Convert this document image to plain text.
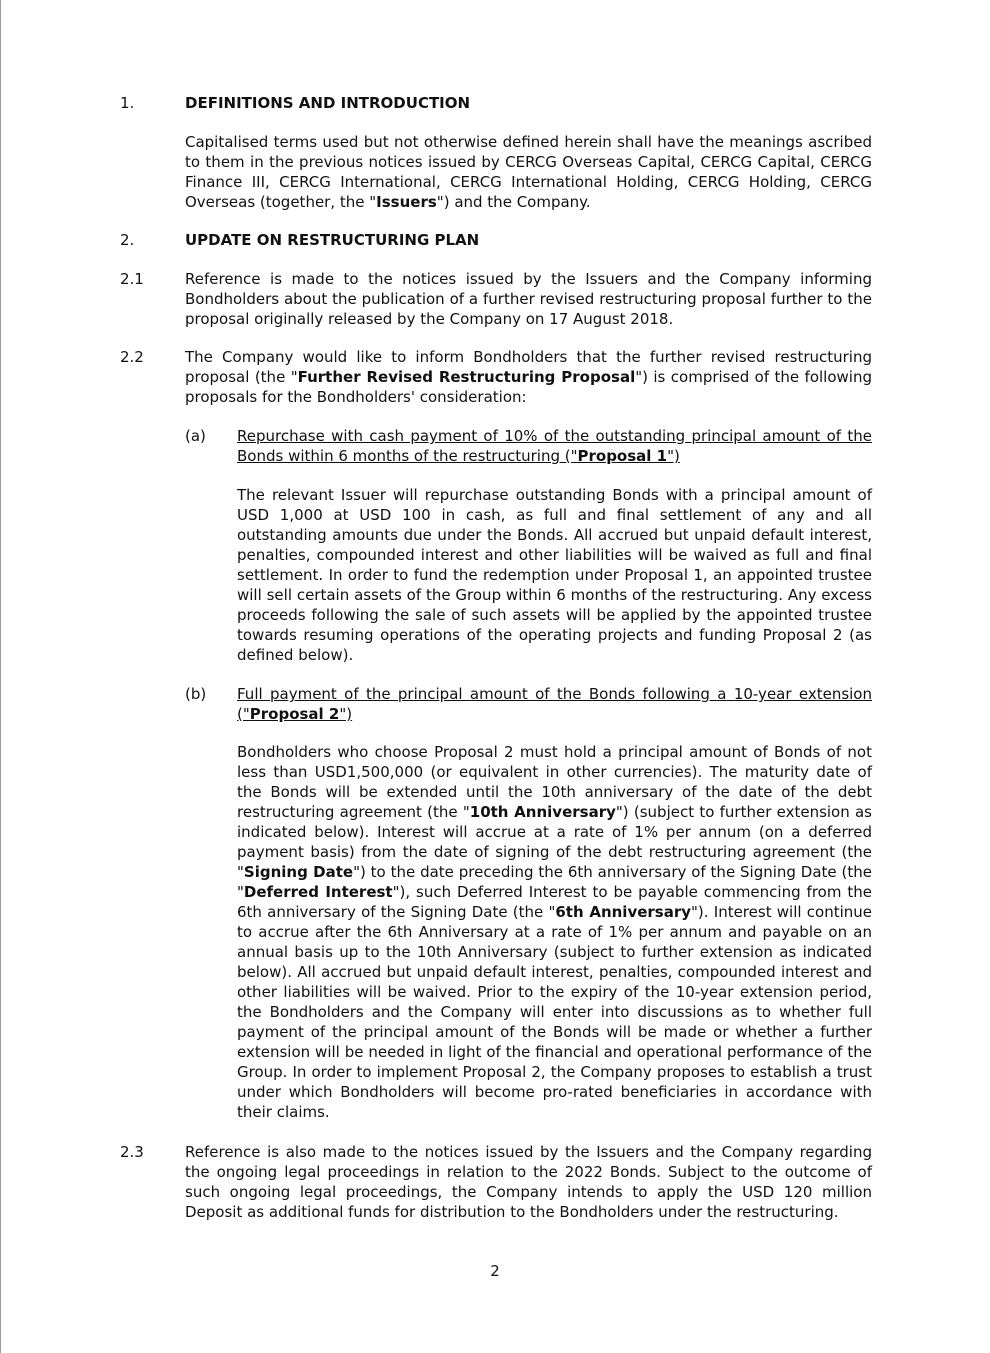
1.	DEFINITIONS AND INTRODUCTION
Capitalised terms used but not otherwise defined herein shall have the meanings ascribed to them in the previous notices issued by CERCG Overseas Capital, CERCG Capital, CERCG Finance III, CERCG International, CERCG International Holding, CERCG Holding, CERCG Overseas (together, the "Issuers") and the Company.
2.	UPDATE ON RESTRUCTURING PLAN
2.1	Reference is made to the notices issued by the Issuers and the Company informing Bondholders about the publication of a further revised restructuring proposal further to the proposal originally released by the Company on 17 August 2018.
2.2	The Company would like to inform Bondholders that the further revised restructuring proposal (the "Further Revised Restructuring Proposal") is comprised of the following proposals for the Bondholders' consideration:
(a) Repurchase with cash payment of 10% of the outstanding principal amount of the Bonds within 6 months of the restructuring ("Proposal 1")
The relevant Issuer will repurchase outstanding Bonds with a principal amount of USD 1,000 at USD 100 in cash, as full and final settlement of any and all outstanding amounts due under the Bonds. All accrued but unpaid default interest, penalties, compounded interest and other liabilities will be waived as full and final settlement. In order to fund the redemption under Proposal 1, an appointed trustee will sell certain assets of the Group within 6 months of the restructuring. Any excess proceeds following the sale of such assets will be applied by the appointed trustee towards resuming operations of the operating projects and funding Proposal 2 (as defined below).
(b) Full payment of the principal amount of the Bonds following a 10-year extension ("Proposal 2")
Bondholders who choose Proposal 2 must hold a principal amount of Bonds of not less than USD1,500,000 (or equivalent in other currencies). The maturity date of the Bonds will be extended until the 10th anniversary of the date of the debt restructuring agreement (the "10th Anniversary") (subject to further extension as indicated below). Interest will accrue at a rate of 1% per annum (on a deferred payment basis) from the date of signing of the debt restructuring agreement (the "Signing Date") to the date preceding the 6th anniversary of the Signing Date (the "Deferred Interest"), such Deferred Interest to be payable commencing from the 6th anniversary of the Signing Date (the "6th Anniversary"). Interest will continue to accrue after the 6th Anniversary at a rate of 1% per annum and payable on an annual basis up to the 10th Anniversary (subject to further extension as indicated below). All accrued but unpaid default interest, penalties, compounded interest and other liabilities will be waived. Prior to the expiry of the 10-year extension period, the Bondholders and the Company will enter into discussions as to whether full payment of the principal amount of the Bonds will be made or whether a further extension will be needed in light of the financial and operational performance of the Group. In order to implement Proposal 2, the Company proposes to establish a trust under which Bondholders will become pro-rated beneficiaries in accordance with their claims.
2.3	Reference is also made to the notices issued by the Issuers and the Company regarding the ongoing legal proceedings in relation to the 2022 Bonds. Subject to the outcome of such ongoing legal proceedings, the Company intends to apply the USD 120 million Deposit as additional funds for distribution to the Bondholders under the restructuring.
2
